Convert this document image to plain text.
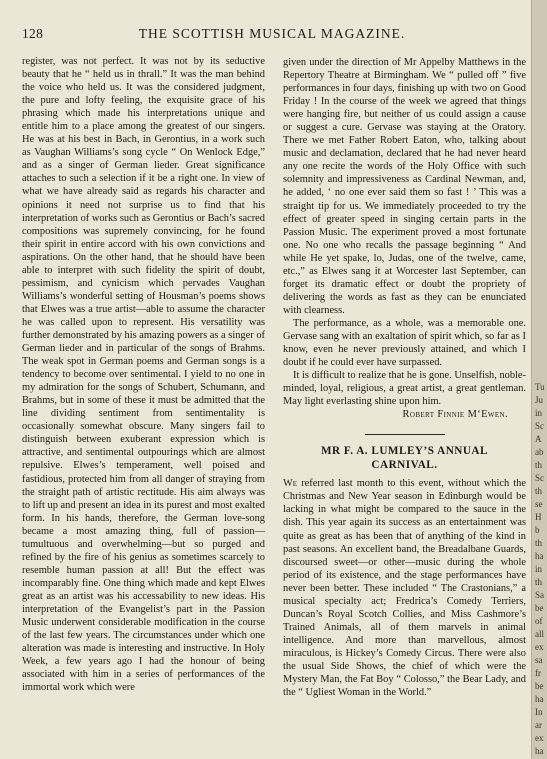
128	THE SCOTTISH MUSICAL MAGAZINE.

register, was not perfect. It was not by its seductive beauty that he “ held us in thrall.” It was the man behind the voice who held us. It was the considered judgment, the pure and lofty feeling, the exquisite grace of his phrasing which made his interpretations unique and entitle him to a place among the greatest of our singers. He was at his best in Bach, in Gerontius, in a work such as Vaughan Williams’s song cycle “ On Wenlock Edge,” and as a singer of German lieder. Great significance attaches to such a selection if it be a right one. In view of what we have already said as regards his character and opinions it need not surprise us to find that his interpretation of works such as Gerontius or Bach’s sacred compositions was supremely convincing, for he found their spirit in entire accord with his own convictions and aspirations. On the other hand, that he should have been able to interpret with such fidelity the spirit of doubt, pessimism, and cynicism which pervades Vaughan Williams’s wonderful setting of Housman’s poems shows that Elwes was a true artist—able to assume the character he was called upon to represent. His versatility was further demonstrated by his amazing powers as a singer of German lieder and in particular of the songs of Brahms. The weak spot in German poems and German songs is a tendency to become over sentimental. I yield to no one in my admiration for the songs of Schubert, Schumann, and Brahms, but in some of these it must be admitted that the line dividing sentiment from sentimentality is occasionally somewhat obscure. Many singers fail to distinguish between exuberant expression which is attractive, and sentimental outpourings which are almost repulsive. Elwes’s temperament, well poised and fastidious, protected him from all danger of straying from the straight path of artistic rectitude. His aim always was to lift up and present an idea in its purest and most exalted form. In his hands, therefore, the German love-song became a most amazing thing, full of passion—tumultuous and overwhelming—but so purged and refined by the fire of his genius as sometimes scarcely to resemble human passion at all! But the effect was incomparably fine. One thing which made and kept Elwes great as an artist was his accessability to new ideas. His interpretation of the Evangelist’s part in the Passion Music underwent considerable modification in the course of the last few years. The circumstances under which one alteration was made is interesting and instructive. In Holy Week, a few years ago I had the honour of being associated with him in a series of performances of the immortal work which were

given under the direction of Mr Appelby Matthews in the Repertory Theatre at Birmingham. We “ pulled off ” five performances in four days, finishing up with two on Good Friday ! In the course of the week we agreed that things were hanging fire, but neither of us could assign a cause or suggest a cure. Gervase was staying at the Oratory. There we met Father Robert Eaton, who, talking about music and declamation, declared that he had never heard any one recite the words of the Holy Office with such solemnity and impressiveness as Cardinal Newman, and, he added, ‘ no one ever said them so fast ! ’ This was a straight tip for us. We immediately proceeded to try the effect of greater speed in singing certain parts in the Passion Music. The experiment proved a most fortunate one. No one who recalls the passage beginning “ And while He yet spake, lo, Judas, one of the twelve, came, etc.,” as Elwes sang it at Worcester last September, can forget its dramatic effect or doubt the propriety of delivering the words as fast as they can be enunciated with clearness.

The performance, as a whole, was a memorable one. Gervase sang with an exaltation of spirit which, so far as I know, even he never previously attained, and which I doubt if he could ever have surpassed.

It is difficult to realize that he is gone. Unselfish, noble-minded, loyal, religious, a great artist, a great gentleman. May light everlasting shine upon him.

Robert Finnie M‘Ewen.

MR F. A. LUMLEY’S ANNUAL
CARNIVAL.

We referred last month to this event, without which the Christmas and New Year season in Edinburgh would be lacking in what might be compared to the sauce in the dish. This year again its success as an entertainment was quite as great as has been that of anything of the kind in past seasons. An excellent band, the Breadalbane Guards, discoursed sweet—or other—music during the whole period of its existence, and the stage performances have never been better. These included “ The Crastonians,” a musical specialty act; Fredrica’s Comedy Terriers, Duncan’s Royal Scotch Collies, and Miss Cashmore’s Trained Animals, all of them marvels in animal intelligence. And more than marvellous, almost miraculous, is Hickey’s Comedy Circus. There were also the usual Side Shows, the chief of which were the Mystery Man, the Fat Boy “ Colosso,” the Bear Lady, and the “ Ugliest Woman in the World.”

Tu
Ju
in
Sc
A
ab
th
Sc
th
se
H
b
th
ha
in
th
Sa
be
of
all
ex
sa
fr
be
ha
In
ar
ex
ha
